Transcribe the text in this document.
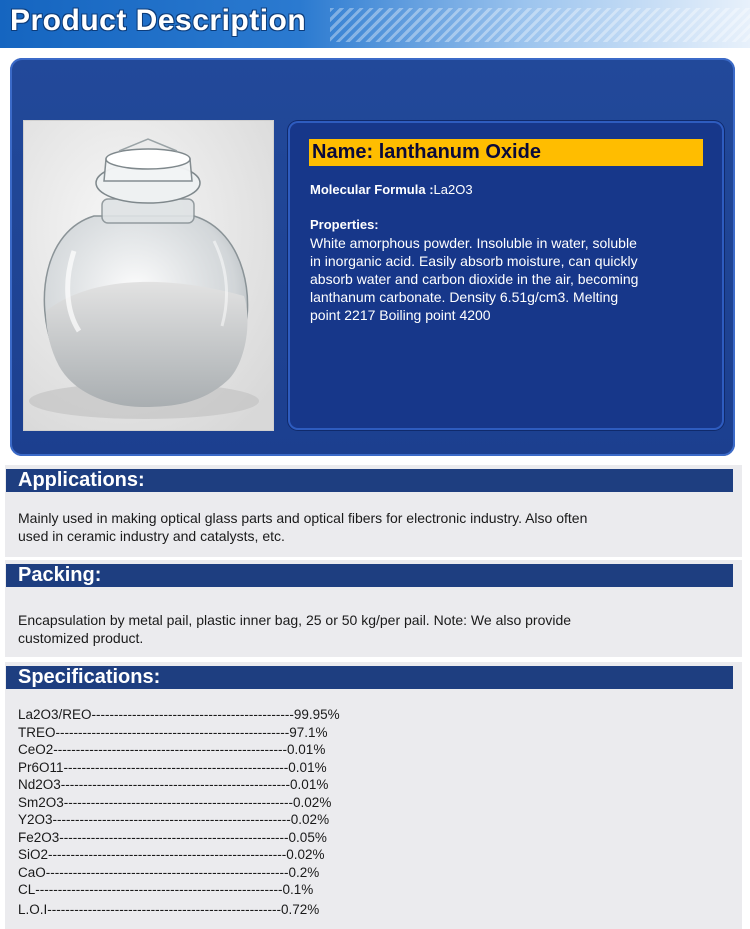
Product Description
Name: lanthanum Oxide
Molecular Formula :La2O3
Properties:
White amorphous powder. Insoluble in water, soluble
in inorganic acid. Easily absorb moisture, can quickly
absorb water and carbon dioxide in the air, becoming
lanthanum carbonate. Density 6.51g/cm3. Melting
point 2217 Boiling point 4200
Applications:
Mainly used in making optical glass parts and optical fibers for electronic industry. Also often used in ceramic industry and catalysts, etc.
Packing:
Encapsulation by metal pail, plastic inner bag, 25 or 50 kg/per pail. Note: We also provide customized product.
Specifications:
La2O3/REO---------------------------------------------99.95%
TREO----------------------------------------------------97.1%
CeO2----------------------------------------------------0.01%
Pr6O11--------------------------------------------------0.01%
Nd2O3---------------------------------------------------0.01%
Sm2O3---------------------------------------------------0.02%
Y2O3-----------------------------------------------------0.02%
Fe2O3---------------------------------------------------0.05%
SiO2-----------------------------------------------------0.02%
CaO------------------------------------------------------0.2%
CL-------------------------------------------------------0.1%
L.O.I----------------------------------------------------0.72%
